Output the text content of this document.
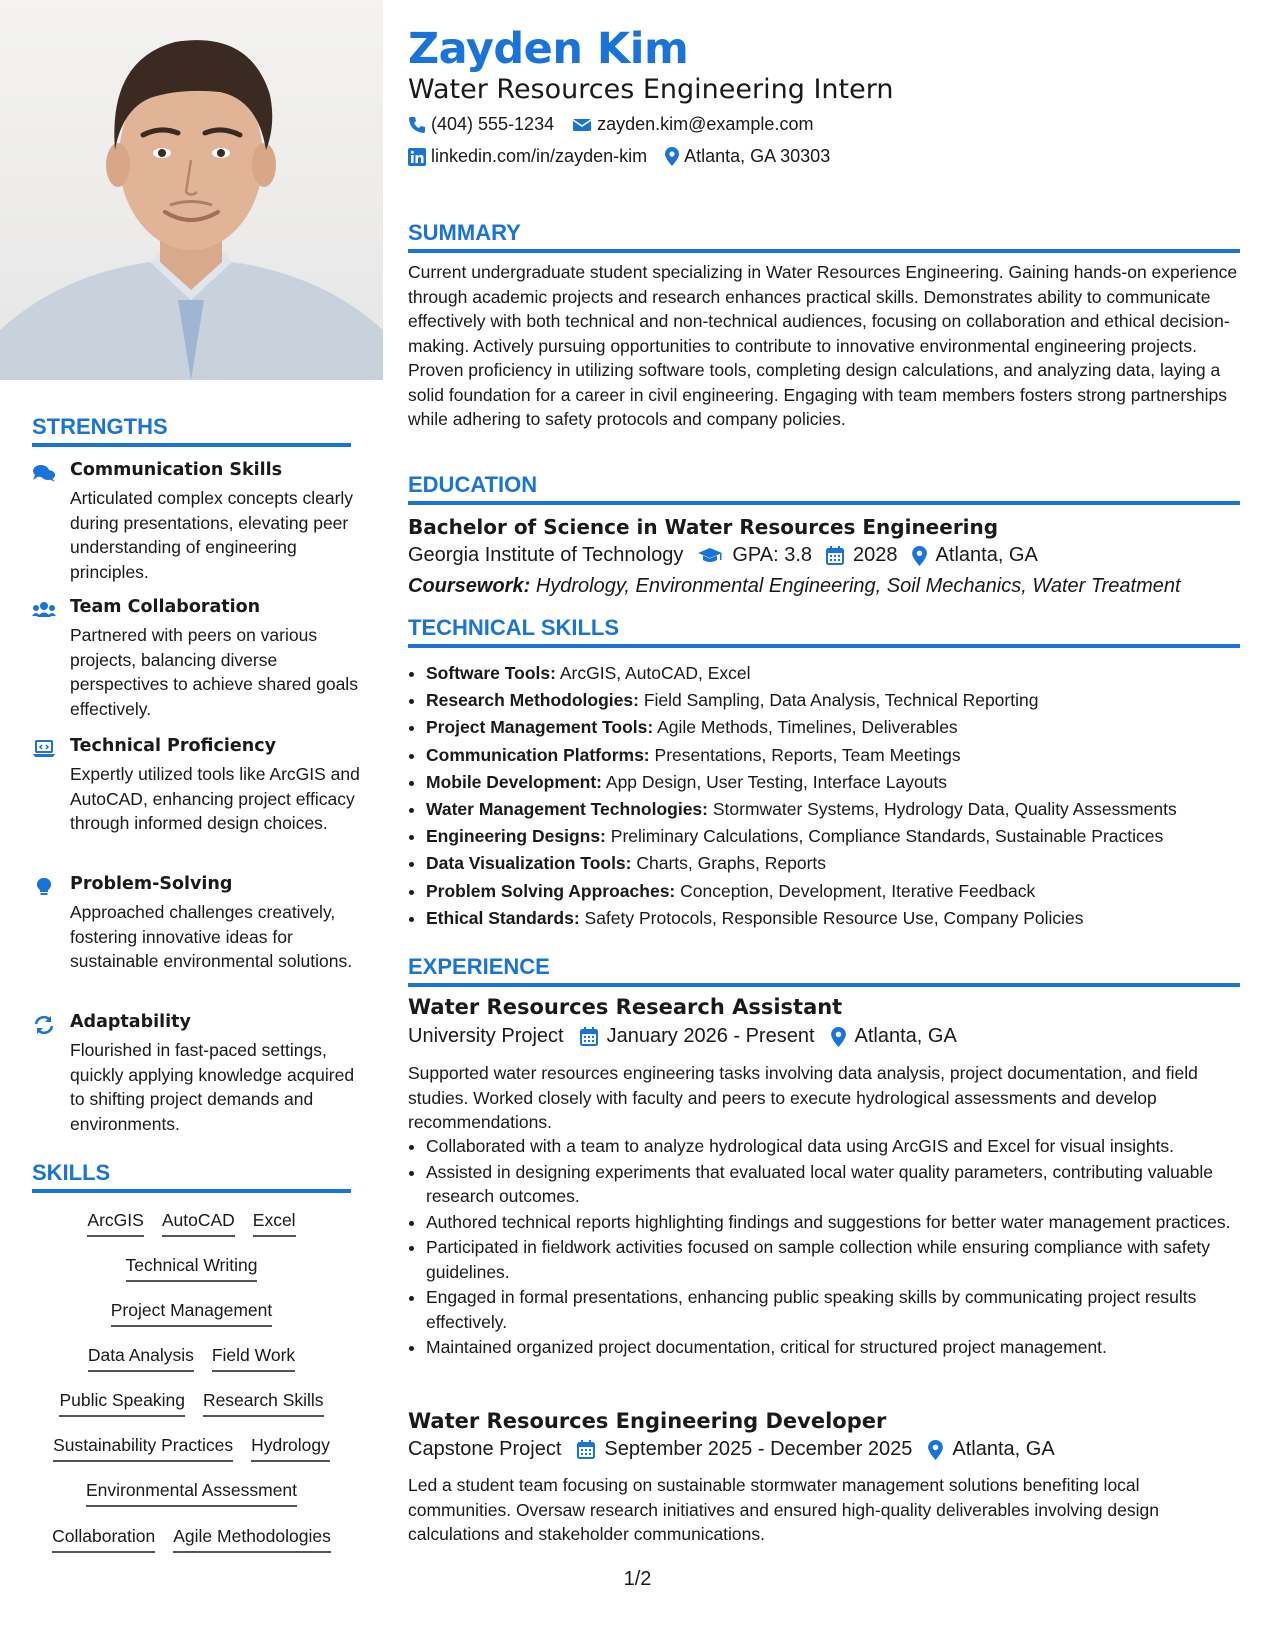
STRENGTHS
Communication Skills
Articulated complex concepts clearly during presentations, elevating peer understanding of engineering principles.
Team Collaboration
Partnered with peers on various projects, balancing diverse perspectives to achieve shared goals effectively.
Technical Proficiency
Expertly utilized tools like ArcGIS and AutoCAD, enhancing project efficacy through informed design choices.
Problem-Solving
Approached challenges creatively, fostering innovative ideas for sustainable environmental solutions.
Adaptability
Flourished in fast-paced settings, quickly applying knowledge acquired to shifting project demands and environments.
SKILLS
ArcGIS AutoCAD Excel
Technical Writing
Project Management
Data Analysis Field Work
Public Speaking Research Skills
Sustainability Practices Hydrology
Environmental Assessment
Collaboration Agile Methodologies
Zayden Kim
Water Resources Engineering Intern
(404) 555-1234 zayden.kim@example.com
linkedin.com/in/zayden-kim Atlanta, GA 30303
SUMMARY
Current undergraduate student specializing in Water Resources Engineering. Gaining hands-on experience through academic projects and research enhances practical skills. Demonstrates ability to communicate effectively with both technical and non-technical audiences, focusing on collaboration and ethical decision-making. Actively pursuing opportunities to contribute to innovative environmental engineering projects. Proven proficiency in utilizing software tools, completing design calculations, and analyzing data, laying a solid foundation for a career in civil engineering. Engaging with team members fosters strong partnerships while adhering to safety protocols and company policies.
EDUCATION
Bachelor of Science in Water Resources Engineering
Georgia Institute of Technology GPA: 3.8 2028 Atlanta, GA
Coursework: Hydrology, Environmental Engineering, Soil Mechanics, Water Treatment
TECHNICAL SKILLS
• Software Tools: ArcGIS, AutoCAD, Excel
• Research Methodologies: Field Sampling, Data Analysis, Technical Reporting
• Project Management Tools: Agile Methods, Timelines, Deliverables
• Communication Platforms: Presentations, Reports, Team Meetings
• Mobile Development: App Design, User Testing, Interface Layouts
• Water Management Technologies: Stormwater Systems, Hydrology Data, Quality Assessments
• Engineering Designs: Preliminary Calculations, Compliance Standards, Sustainable Practices
• Data Visualization Tools: Charts, Graphs, Reports
• Problem Solving Approaches: Conception, Development, Iterative Feedback
• Ethical Standards: Safety Protocols, Responsible Resource Use, Company Policies
EXPERIENCE
Water Resources Research Assistant
University Project January 2026 - Present Atlanta, GA
Supported water resources engineering tasks involving data analysis, project documentation, and field studies. Worked closely with faculty and peers to execute hydrological assessments and develop recommendations.
• Collaborated with a team to analyze hydrological data using ArcGIS and Excel for visual insights.
• Assisted in designing experiments that evaluated local water quality parameters, contributing valuable research outcomes.
• Authored technical reports highlighting findings and suggestions for better water management practices.
• Participated in fieldwork activities focused on sample collection while ensuring compliance with safety guidelines.
• Engaged in formal presentations, enhancing public speaking skills by communicating project results effectively.
• Maintained organized project documentation, critical for structured project management.
Water Resources Engineering Developer
Capstone Project September 2025 - December 2025 Atlanta, GA
Led a student team focusing on sustainable stormwater management solutions benefiting local communities. Oversaw research initiatives and ensured high-quality deliverables involving design calculations and stakeholder communications.
1/2
